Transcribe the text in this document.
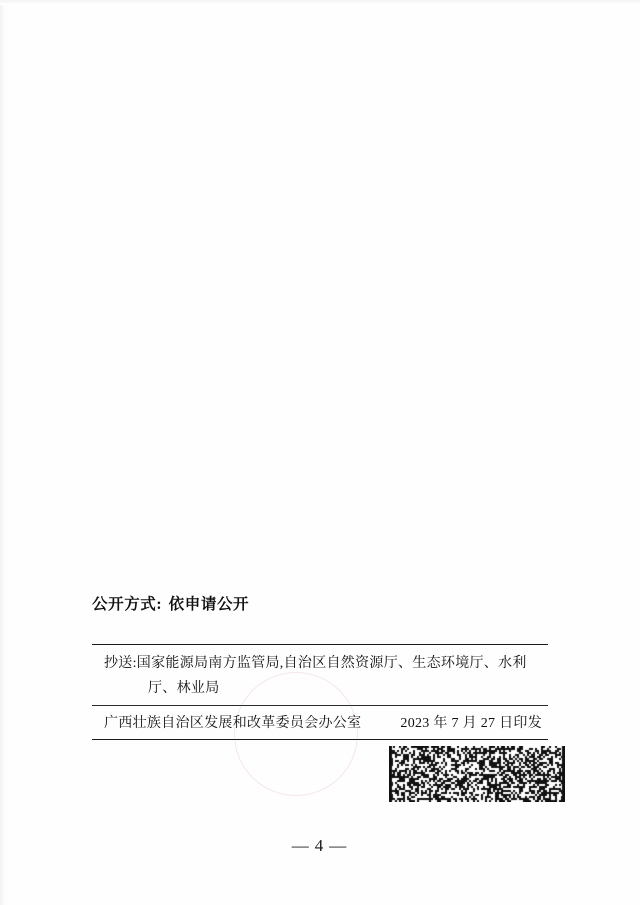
公开方式: 依申请公开
抄送:国家能源局南方监管局,自治区自然资源厅、生态环境厅、水利
厅、林业局
广西壮族自治区发展和改革委员会办公室	2023 年 7 月 27 日印发
— 4 —
